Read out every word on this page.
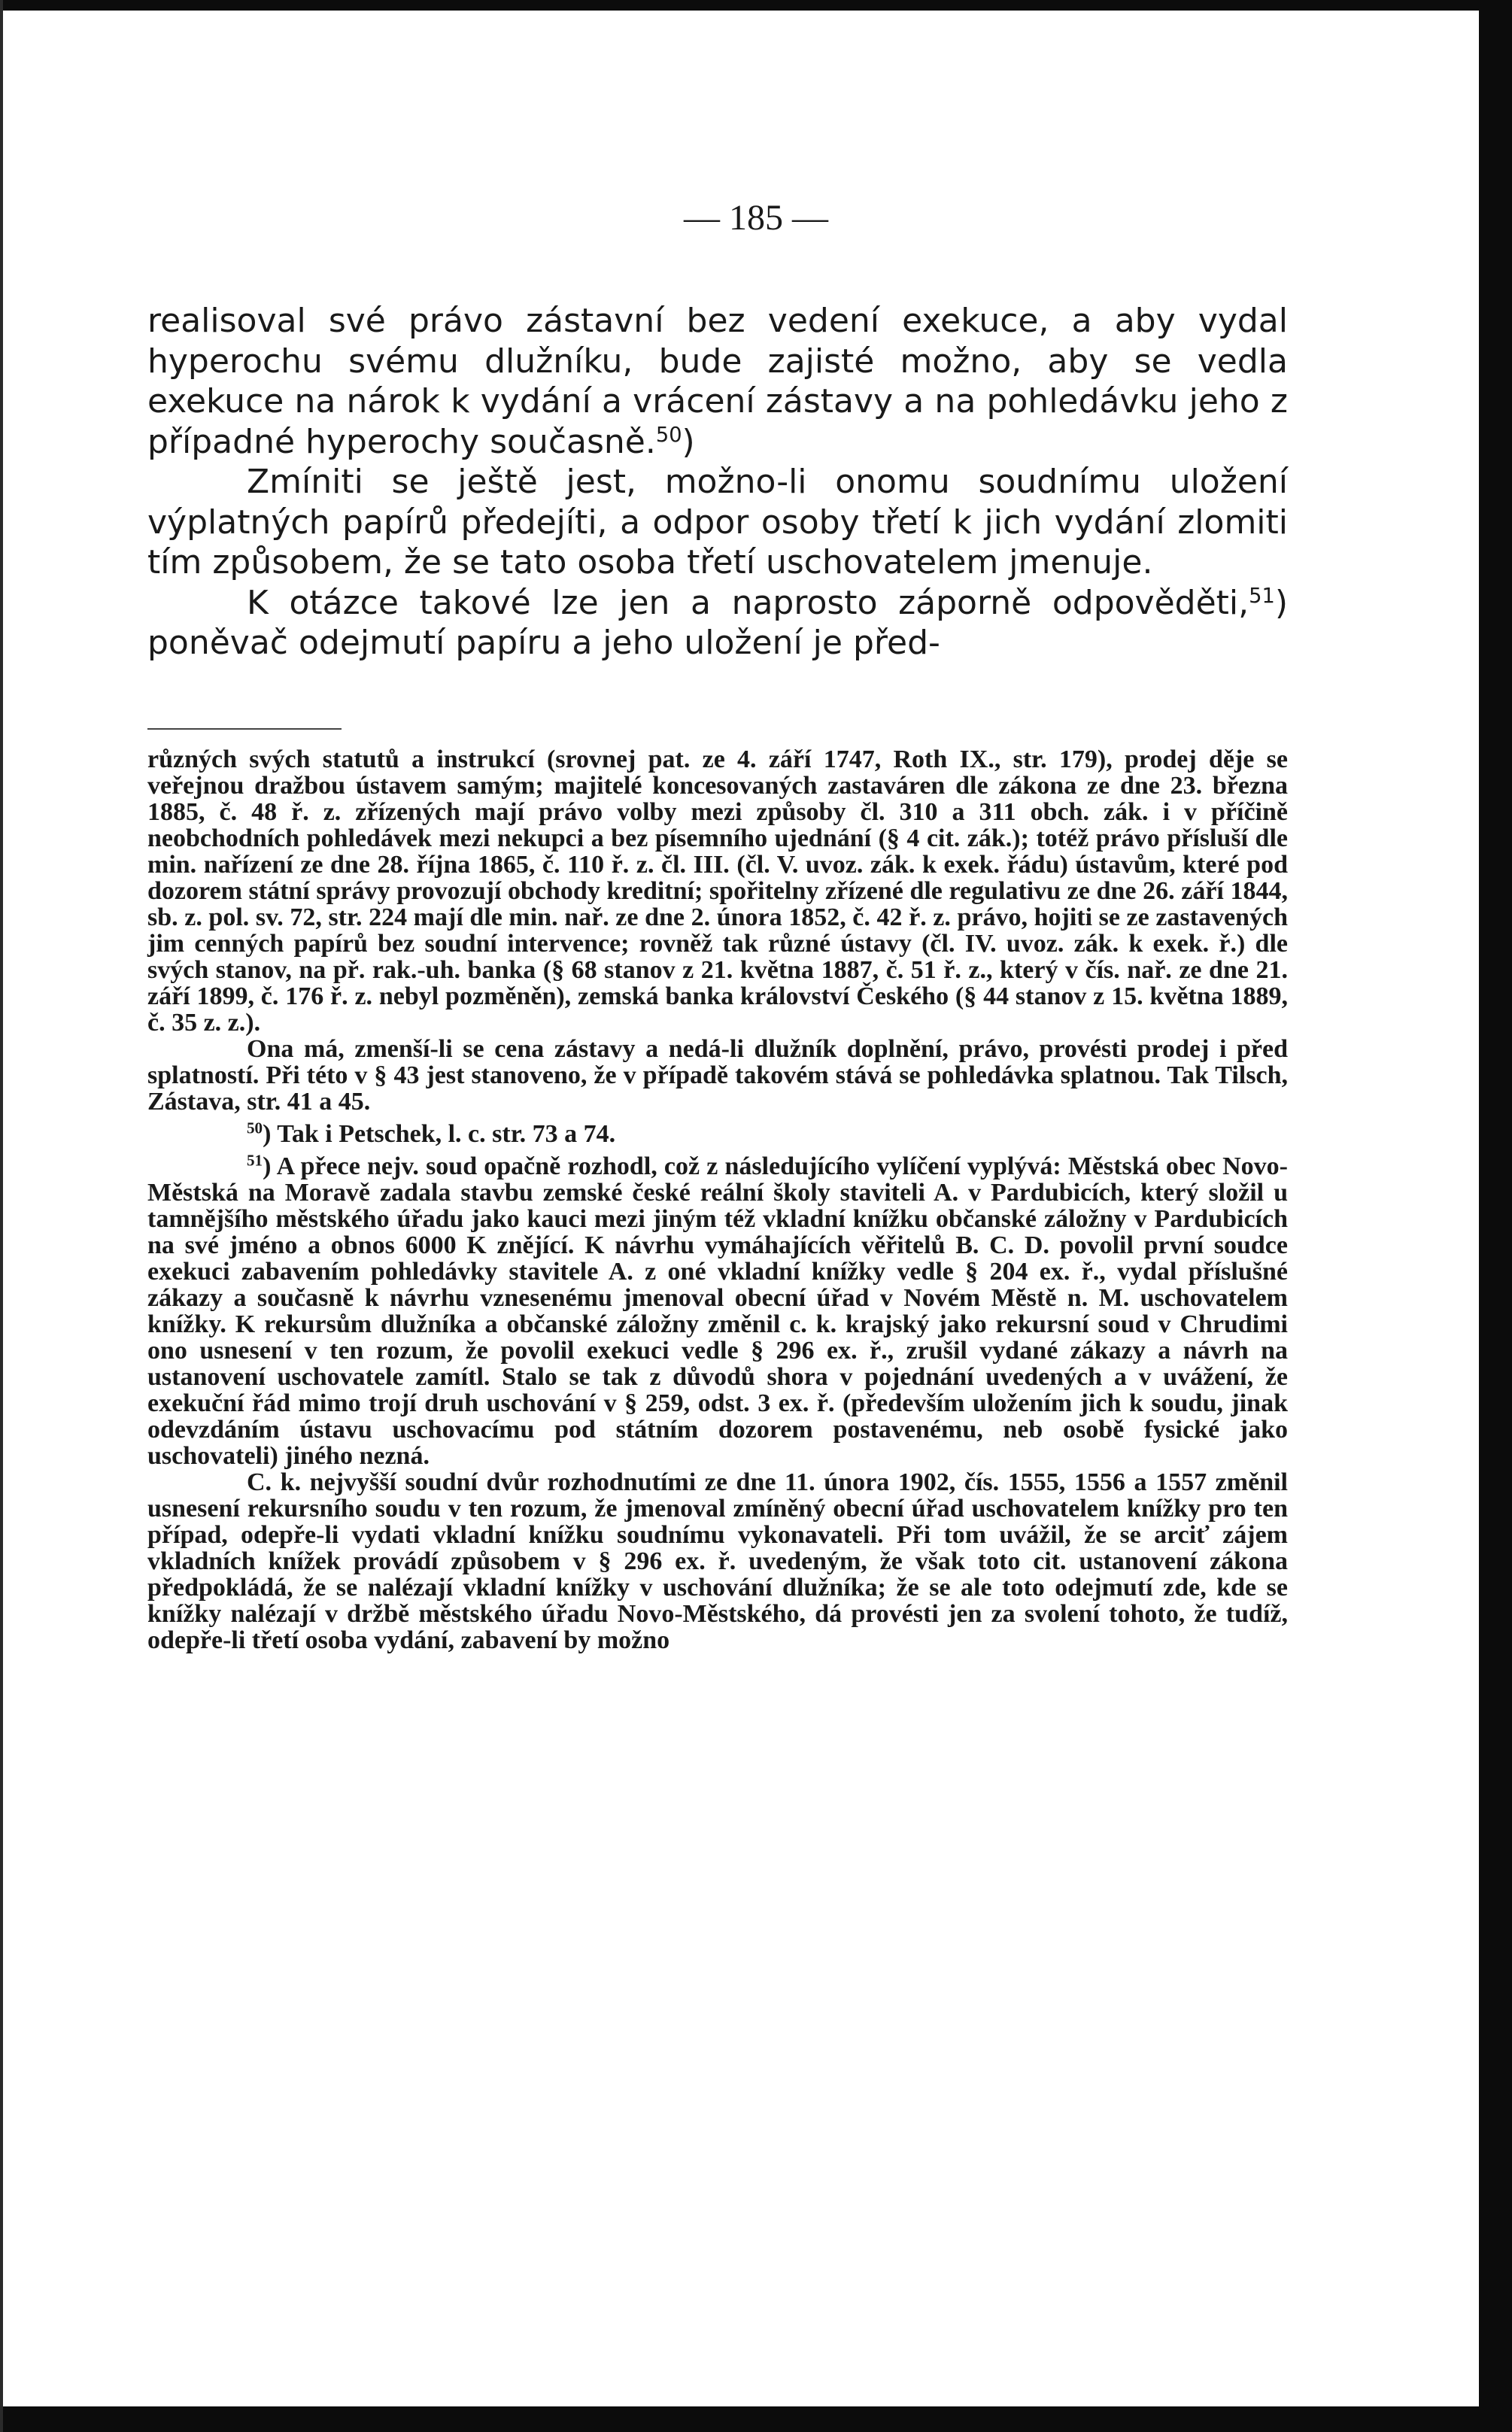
— 185 —

realisoval své právo zástavní bez vedení exekuce, a aby vydal hyperochu svému dlužníku, bude zajisté možno, aby se vedla exekuce na nárok k vydání a vrácení zástavy a na pohledávku jeho z případné hyperochy současně.$^{50}$)

Zmíniti se ještě jest, možno-li onomu soudnímu uložení výplatných papírů předejíti, a odpor osoby třetí k jich vydání zlomiti tím způsobem, že se tato osoba třetí uschovatelem jmenuje.

K otázce takové lze jen a naprosto záporně odpověděti,$^{51}$) poněvač odejmutí papíru a jeho uložení je před-

různých svých statutů a instrukcí (srovnej pat. ze 4. září 1747, Roth IX., str. 179), prodej děje se veřejnou dražbou ústavem samým; majitelé koncesovaných zastaváren dle zákona ze dne 23. března 1885, č. 48 ř. z. zřízených mají právo volby mezi způsoby čl. 310 a 311 obch. zák. i v příčině neobchodních pohledávek mezi nekupci a bez písemního ujednání (§ 4 cit. zák.); totéž právo přísluší dle min. nařízení ze dne 28. října 1865, č. 110 ř. z. čl. III. (čl. V. uvoz. zák. k exek. řádu) ústavům, které pod dozorem státní správy provozují obchody kreditní; spořitelny zřízené dle regulativu ze dne 26. září 1844, sb. z. pol. sv. 72, str. 224 mají dle min. nař. ze dne 2. února 1852, č. 42 ř. z. právo, hojiti se ze zastavených jim cenných papírů bez soudní intervence; rovněž tak různé ústavy (čl. IV. uvoz. zák. k exek. ř.) dle svých stanov, na př. rak.-uh. banka (§ 68 stanov z 21. května 1887, č. 51 ř. z., který v čís. nař. ze dne 21. září 1899, č. 176 ř. z. nebyl pozměněn), zemská banka království Českého (§ 44 stanov z 15. května 1889, č. 35 z. z.).

Ona má, zmenší-li se cena zástavy a nedá-li dlužník doplnění, právo, provésti prodej i před splatností. Při této v § 43 jest stanoveno, že v případě takovém stává se pohledávka splatnou. Tak Tilsch, Zástava, str. 41 a 45.

$^{50}$) Tak i Petschek, l. c. str. 73 a 74.

$^{51}$) A přece nejv. soud opačně rozhodl, což z následujícího vylíčení vyplývá: Městská obec Novo-Městská na Moravě zadala stavbu zemské české reální školy staviteli A. v Pardubicích, který složil u tamnějšího městského úřadu jako kauci mezi jiným též vkladní knížku občanské záložny v Pardubicích na své jméno a obnos 6000 K znějící. K návrhu vymáhajících věřitelů B. C. D. povolil první soudce exekuci zabavením pohledávky stavitele A. z oné vkladní knížky vedle § 204 ex. ř., vydal příslušné zákazy a současně k návrhu vznesenému jmenoval obecní úřad v Novém Městě n. M. uschovatelem knížky. K rekursům dlužníka a občanské záložny změnil c. k. krajský jako rekursní soud v Chrudimi ono usnesení v ten rozum, že povolil exekuci vedle § 296 ex. ř., zrušil vydané zákazy a návrh na ustanovení uschovatele zamítl. Stalo se tak z důvodů shora v pojednání uvedených a v uvážení, že exekuční řád mimo trojí druh uschování v § 259, odst. 3 ex. ř. (především uložením jich k soudu, jinak odevzdáním ústavu uschovacímu pod státním dozorem postavenému, neb osobě fysické jako uschovateli) jiného nezná.

C. k. nejvyšší soudní dvůr rozhodnutími ze dne 11. února 1902, čís. 1555, 1556 a 1557 změnil usnesení rekursního soudu v ten rozum, že jmenoval zmíněný obecní úřad uschovatelem knížky pro ten případ, odepře-li vydati vkladní knížku soudnímu vykonavateli. Při tom uvážil, že se arciť zájem vkladních knížek provádí způsobem v § 296 ex. ř. uvedeným, že však toto cit. ustanovení zákona předpokládá, že se nalézají vkladní knížky v uschování dlužníka; že se ale toto odejmutí zde, kde se knížky nalézají v držbě městského úřadu Novo-Městského, dá provésti jen za svolení tohoto, že tudíž, odepře-li třetí osoba vydání, zabavení by možno
